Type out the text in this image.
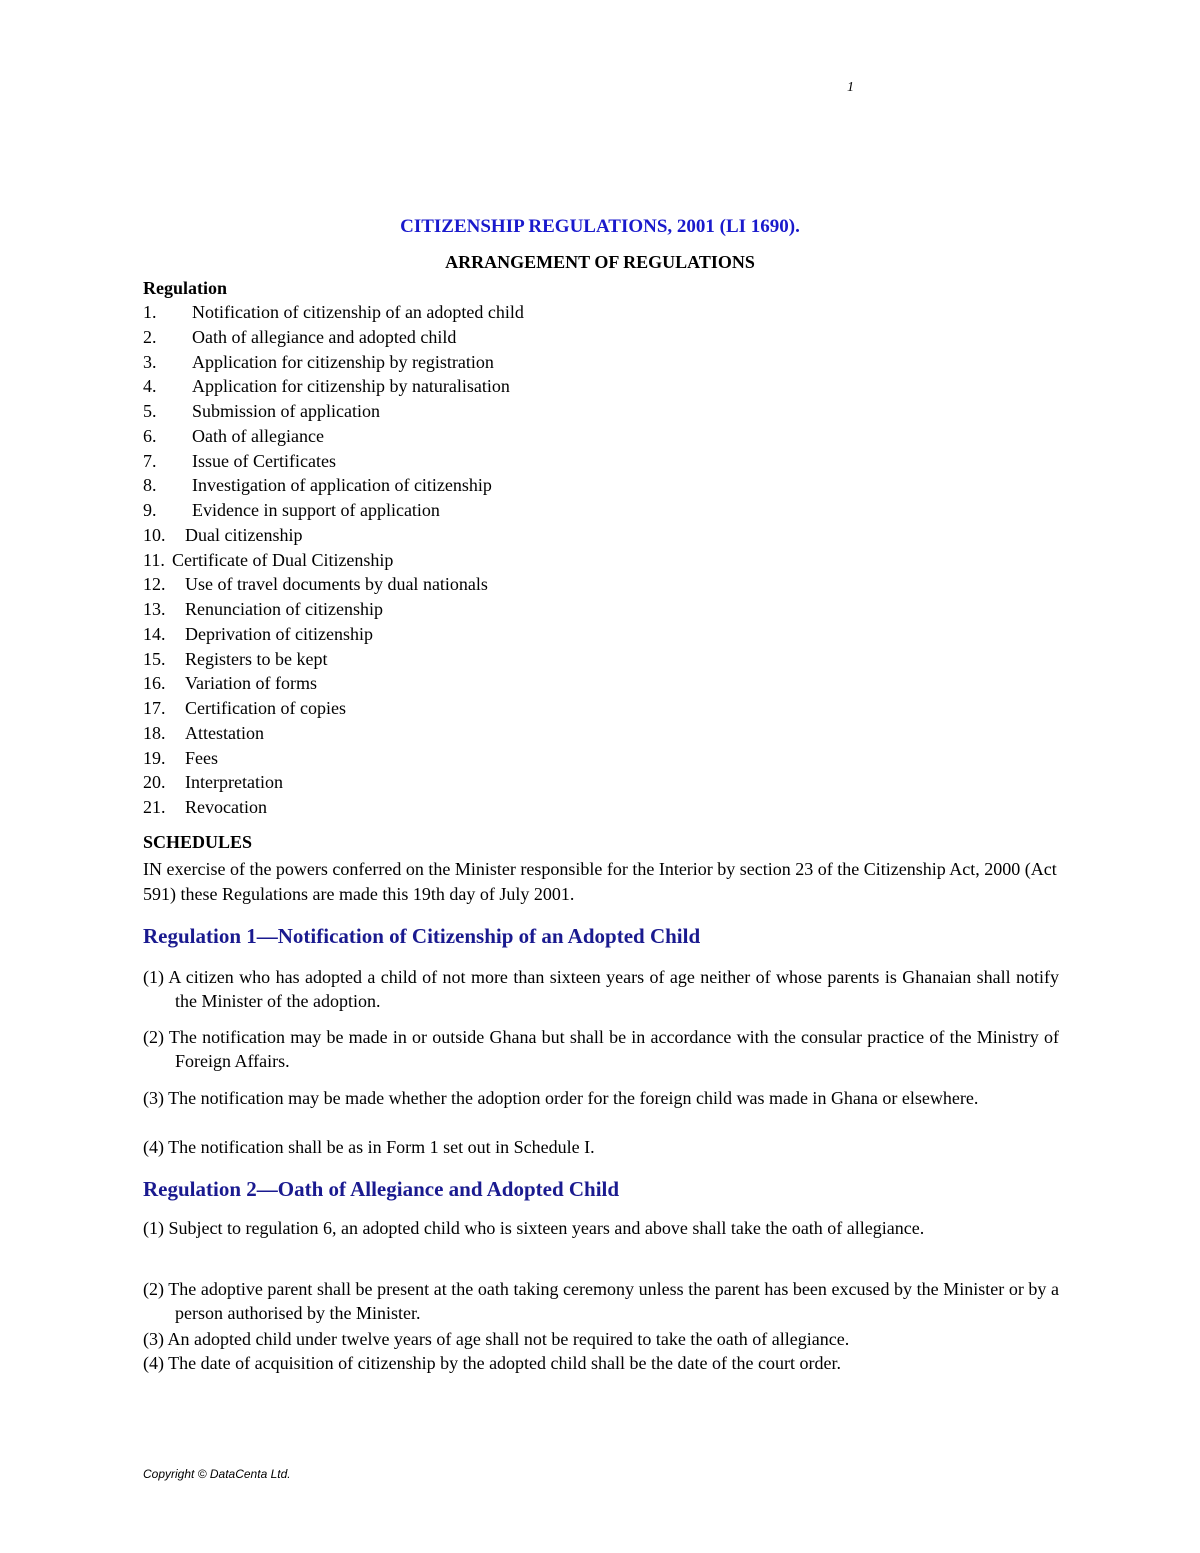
1
CITIZENSHIP REGULATIONS, 2001 (LI 1690).
ARRANGEMENT OF REGULATIONS
Regulation
1. Notification of citizenship of an adopted child
2. Oath of allegiance and adopted child
3. Application for citizenship by registration
4. Application for citizenship by naturalisation
5. Submission of application
6. Oath of allegiance
7. Issue of Certificates
8. Investigation of application of citizenship
9. Evidence in support of application
10. Dual citizenship
11. Certificate of Dual Citizenship
12. Use of travel documents by dual nationals
13. Renunciation of citizenship
14. Deprivation of citizenship
15. Registers to be kept
16. Variation of forms
17. Certification of copies
18. Attestation
19. Fees
20. Interpretation
21. Revocation
SCHEDULES

IN exercise of the powers conferred on the Minister responsible for the Interior by section 23 of the Citizenship Act, 2000 (Act 591) these Regulations are made this 19th day of July 2001.

Regulation 1—Notification of Citizenship of an Adopted Child

(1) A citizen who has adopted a child of not more than sixteen years of age neither of whose parents is Ghanaian shall notify the Minister of the adoption.

(2) The notification may be made in or outside Ghana but shall be in accordance with the consular practice of the Ministry of Foreign Affairs.

(3) The notification may be made whether the adoption order for the foreign child was made in Ghana or elsewhere.

(4) The notification shall be as in Form 1 set out in Schedule I.

Regulation 2—Oath of Allegiance and Adopted Child

(1) Subject to regulation 6, an adopted child who is sixteen years and above shall take the oath of allegiance.

(2) The adoptive parent shall be present at the oath taking ceremony unless the parent has been excused by the Minister or by a person authorised by the Minister.

(3) An adopted child under twelve years of age shall not be required to take the oath of allegiance.

(4) The date of acquisition of citizenship by the adopted child shall be the date of the court order.

Copyright © DataCenta Ltd.
